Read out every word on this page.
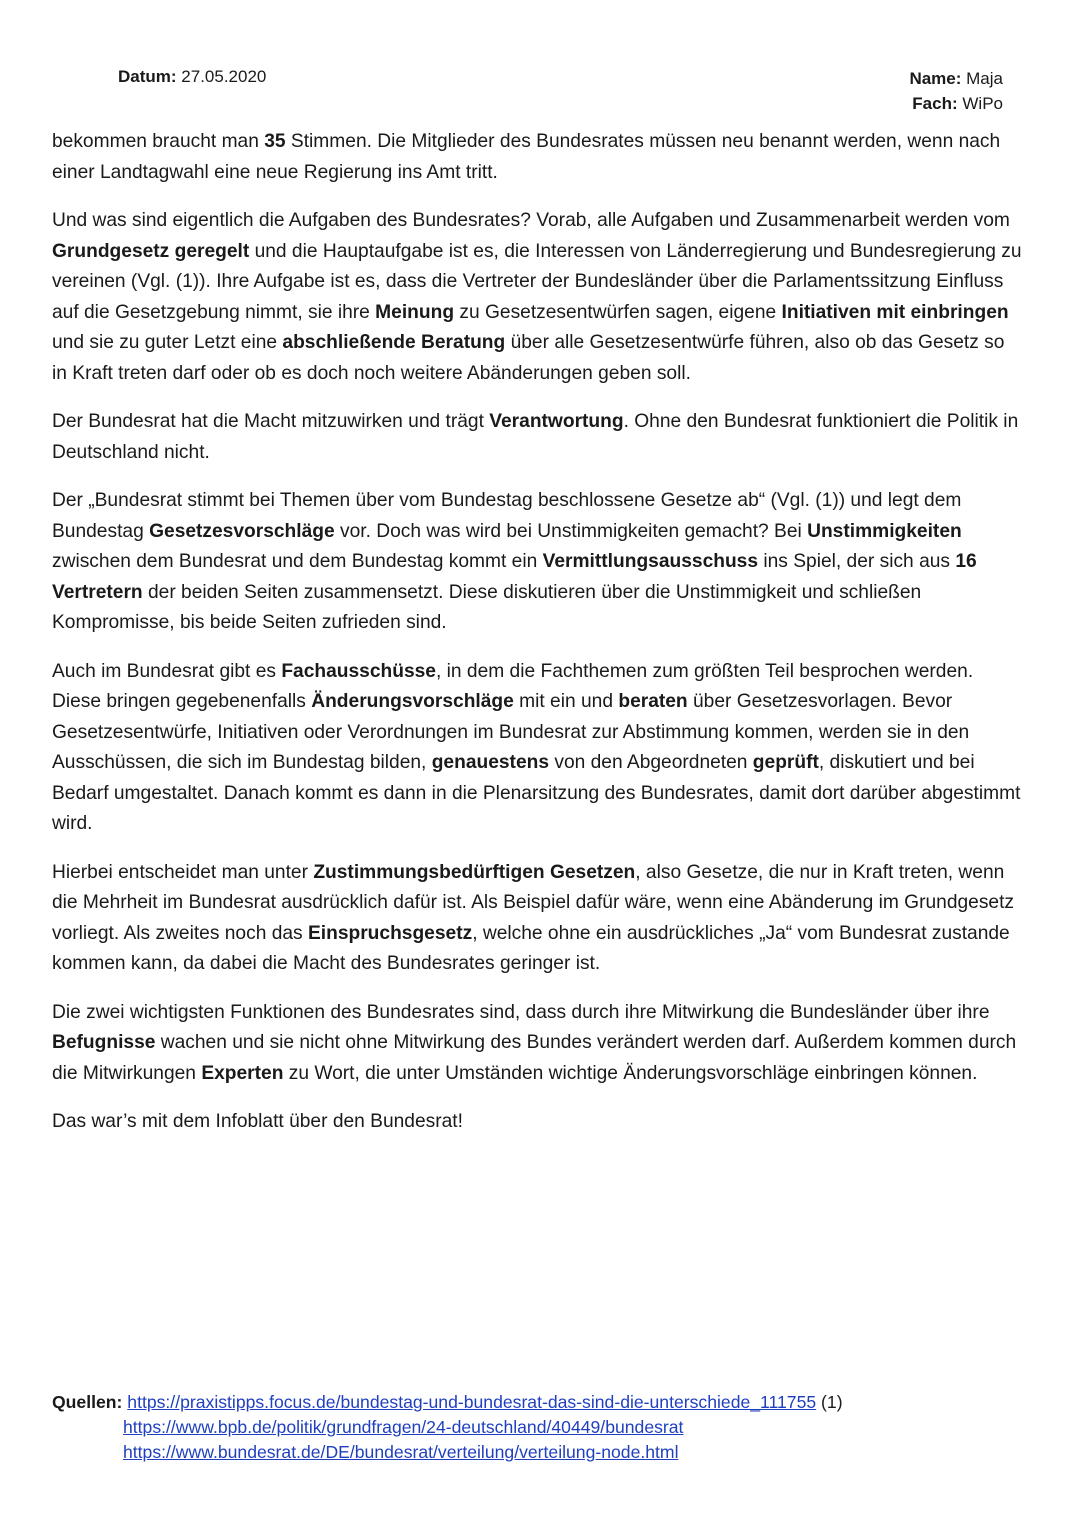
Datum: 27.05.2020	Name: Maja
Fach: WiPo

bekommen braucht man 35 Stimmen. Die Mitglieder des Bundesrates müssen neu benannt werden, wenn nach einer Landtagwahl eine neue Regierung ins Amt tritt.

Und was sind eigentlich die Aufgaben des Bundesrates? Vorab, alle Aufgaben und Zusammenarbeit werden vom Grundgesetz geregelt und die Hauptaufgabe ist es, die Interessen von Länderregierung und Bundesregierung zu vereinen (Vgl. (1)). Ihre Aufgabe ist es, dass die Vertreter der Bundesländer über die Parlamentssitzung Einfluss auf die Gesetzgebung nimmt, sie ihre Meinung zu Gesetzesentwürfen sagen, eigene Initiativen mit einbringen und sie zu guter Letzt eine abschließende Beratung über alle Gesetzesentwürfe führen, also ob das Gesetz so in Kraft treten darf oder ob es doch noch weitere Abänderungen geben soll.

Der Bundesrat hat die Macht mitzuwirken und trägt Verantwortung. Ohne den Bundesrat funktioniert die Politik in Deutschland nicht.

Der „Bundesrat stimmt bei Themen über vom Bundestag beschlossene Gesetze ab“ (Vgl. (1)) und legt dem Bundestag Gesetzesvorschläge vor. Doch was wird bei Unstimmigkeiten gemacht? Bei Unstimmigkeiten zwischen dem Bundesrat und dem Bundestag kommt ein Vermittlungsausschuss ins Spiel, der sich aus 16 Vertretern der beiden Seiten zusammensetzt. Diese diskutieren über die Unstimmigkeit und schließen Kompromisse, bis beide Seiten zufrieden sind.

Auch im Bundesrat gibt es Fachausschüsse, in dem die Fachthemen zum größten Teil besprochen werden. Diese bringen gegebenenfalls Änderungsvorschläge mit ein und beraten über Gesetzesvorlagen. Bevor Gesetzesentwürfe, Initiativen oder Verordnungen im Bundesrat zur Abstimmung kommen, werden sie in den Ausschüssen, die sich im Bundestag bilden, genauestens von den Abgeordneten geprüft, diskutiert und bei Bedarf umgestaltet. Danach kommt es dann in die Plenarsitzung des Bundesrates, damit dort darüber abgestimmt wird.

Hierbei entscheidet man unter Zustimmungsbedürftigen Gesetzen, also Gesetze, die nur in Kraft treten, wenn die Mehrheit im Bundesrat ausdrücklich dafür ist. Als Beispiel dafür wäre, wenn eine Abänderung im Grundgesetz vorliegt. Als zweites noch das Einspruchsgesetz, welche ohne ein ausdrückliches „Ja“ vom Bundesrat zustande kommen kann, da dabei die Macht des Bundesrates geringer ist.

Die zwei wichtigsten Funktionen des Bundesrates sind, dass durch ihre Mitwirkung die Bundesländer über ihre Befugnisse wachen und sie nicht ohne Mitwirkung des Bundes verändert werden darf. Außerdem kommen durch die Mitwirkungen Experten zu Wort, die unter Umständen wichtige Änderungsvorschläge einbringen können.

Das war’s mit dem Infoblatt über den Bundesrat!

Quellen: https://praxistipps.focus.de/bundestag-und-bundesrat-das-sind-die-unterschiede_111755 (1)
https://www.bpb.de/politik/grundfragen/24-deutschland/40449/bundesrat
https://www.bundesrat.de/DE/bundesrat/verteilung/verteilung-node.html
